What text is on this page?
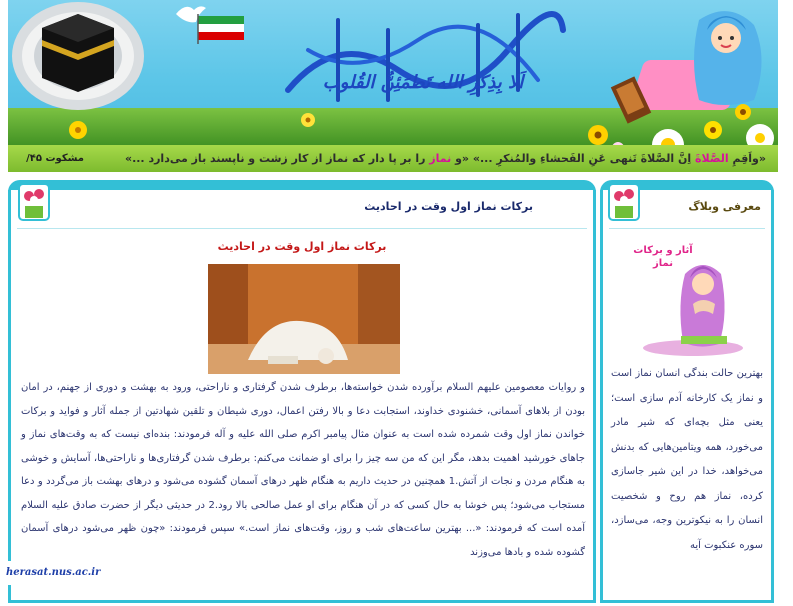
اَلا بِذِکرِ الله تَطمَئِنُّ القُلوب
«واَقِمِ الصَّلاةَ اِنَّ الصَّلاةَ تَنهی عَنِ الفَحشاءِ والمُنکرِ ...» «و نماز را بر پا دار که نماز از کار زشت و ناپسند باز می‌دارد ...»
مشکوت ۴۵/
برکات نماز اول وقت در احادیث
برکات نماز اول وقت در احادیث
و روایات معصومین علیهم السلام برآورده شدن خواسته‌ها، برطرف شدن گرفتاری و ناراحتی، ورود به بهشت و دوری از جهنم، در امان بودن از بلاهای آسمانی، خشنودی خداوند، استجابت دعا و بالا رفتن اعمال، دوری شیطان و تلقین شهادتین از جمله آثار و فواید و برکات خواندن نماز اول وقت شمرده شده است به عنوان مثال پیامبر اکرم صلی الله علیه و آله فرمودند: بنده‌ای نیست که به وقت‌های نماز و جاهای خورشید اهمیت بدهد، مگر این که من سه چیز را برای او ضمانت می‌کنم: برطرف شدن گرفتاری‌ها و ناراحتی‌ها، آسایش و خوشی به هنگام مردن و نجات از آتش.1 همچنین در حدیث داریم به هنگام ظهر درهای آسمان گشوده می‌شود و درهای بهشت باز می‌گردد و دعا مستجاب می‌شود؛ پس خوشا به حال کسی که در آن هنگام برای او عمل صالحی بالا رود.2 در حدیثی دیگر از حضرت صادق علیه السلام آمده است که فرمودند: «... بهترین ساعت‌های شب و روز، وقت‌های نماز است.» سپس فرمودند: «چون ظهر می‌شود درهای آسمان گشوده شده و بادها می‌وزند
معرفی وبلاگ
آثار و برکات نماز
بهترین حالت بندگی انسان نماز است و نماز یک کارخانه آدم سازی است؛ یعنی مثل بچه‌ای که شیر مادر می‌خورد، همه ویتامین‌هایی که بدنش می‌خواهد، خدا در این شیر جاسازی کرده، نماز هم روح و شخصیت انسان را به نیکوترین وجه، می‌سازد، سوره عنکبوت آیه
herasat.nus.ac.ir
